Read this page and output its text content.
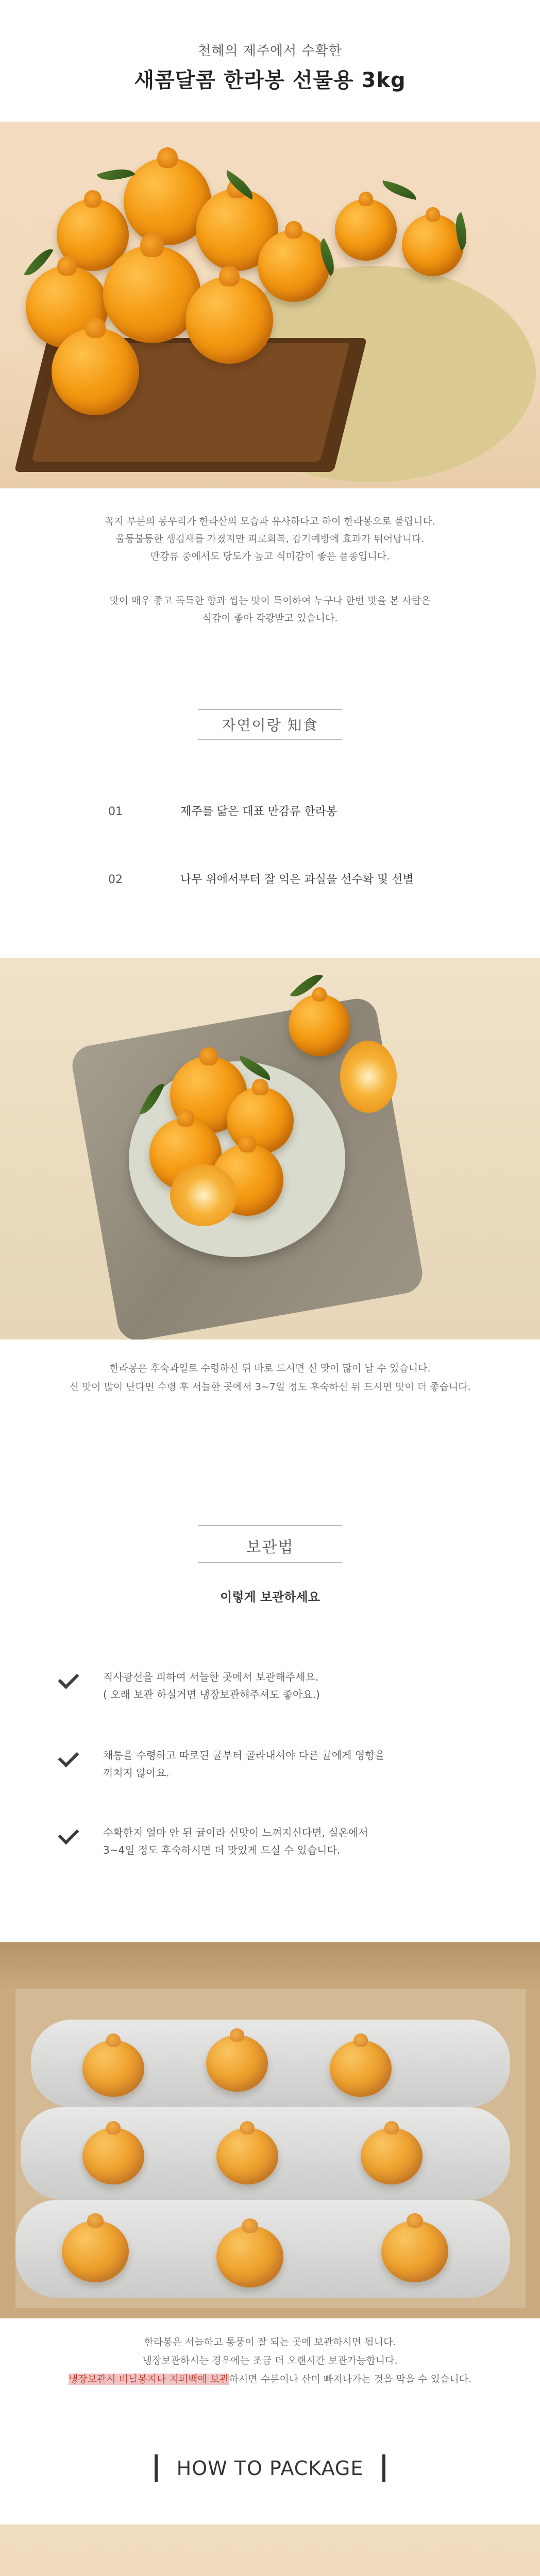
천혜의 제주에서 수확한
새콤달콤 한라봉 선물용 3kg
꼭지 부분의 봉우리가 한라산의 모습과 유사하다고 하여 한라봉으로 불립니다.
울퉁불퉁한 생김새를 가졌지만 피로회복, 감기예방에 효과가 뛰어납니다.
만감류 중에서도 당도가 높고 식미감이 좋은 품종입니다.
맛이 매우 좋고 독특한 향과 씹는 맛이 특이하여 누구나 한번 맛을 본 사람은
식감이 좋아 각광받고 있습니다.
자연이랑 知食
01	제주를 닮은 대표 만감류 한라봉
02	나무 위에서부터 잘 익은 과실을 선수확 및 선별
한라봉은 후숙과일로 수령하신 뒤 바로 드시면 신 맛이 많이 날 수 있습니다.
신 맛이 많이 난다면 수령 후 서늘한 곳에서 3~7일 정도 후숙하신 뒤 드시면 맛이 더 좋습니다.
보관법
이렇게 보관하세요
직사광선을 피하여 서늘한 곳에서 보관해주세요.
( 오래 보관 하실거면 냉장보관해주셔도 좋아요.)
채통을 수령하고 따로된 귤부터 골라내셔야 다른 귤에게 영향을
끼치지 않아요.
수확한지 얼마 안 된 귤이라 신맛이 느껴지신다면, 실온에서
3~4일 정도 후숙하시면 더 맛있게 드실 수 있습니다.
한라봉은 서늘하고 통풍이 잘 되는 곳에 보관하시면 됩니다.
냉장보관하시는 경우에는 조금 더 오랜시간 보관가능합니다.
냉장보관시 비닐봉지나 지퍼백에 보관하시면 수분이나 산미 빠져나가는 것을 막을 수 있습니다.
HOW TO PACKAGE
